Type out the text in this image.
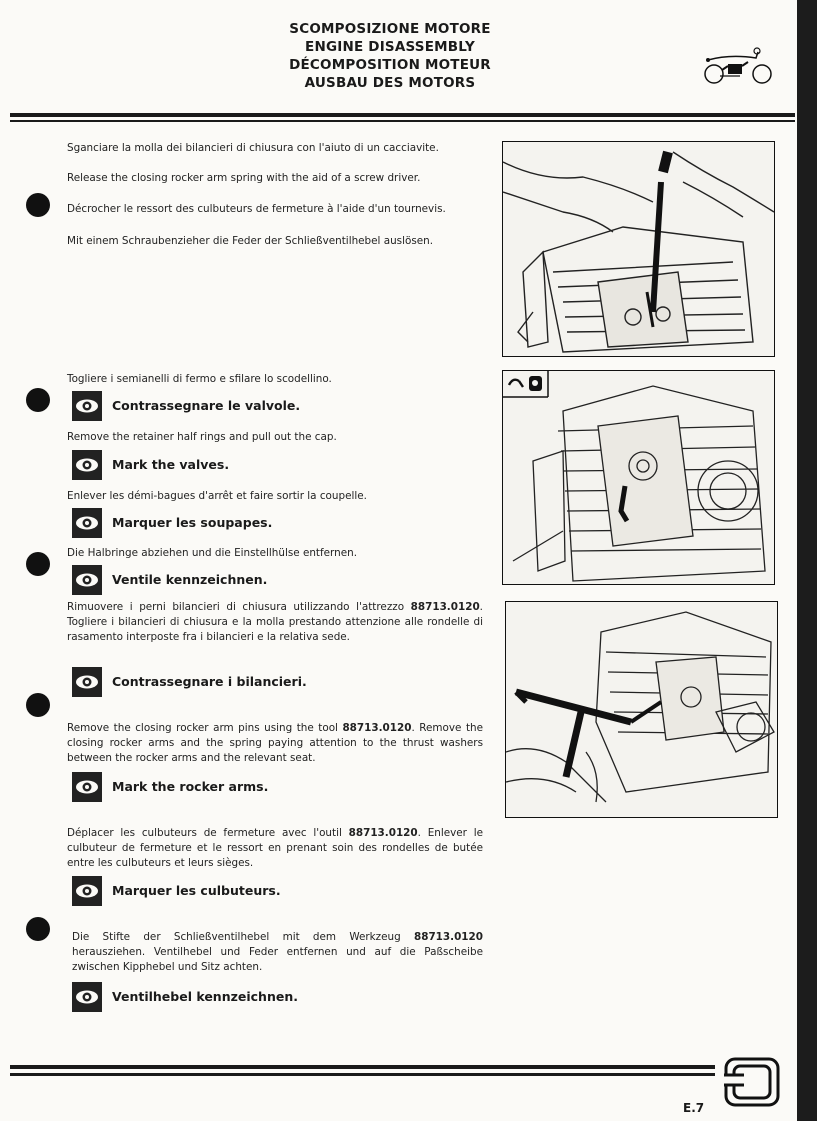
SCOMPOSIZIONE MOTORE
ENGINE DISASSEMBLY
DÉCOMPOSITION MOTEUR
AUSBAU DES MOTORS
Sganciare la molla dei bilancieri di chiusura con l'aiuto di un cacciavite.
Release the closing rocker arm spring with the aid of a screw driver.
Décrocher le ressort des culbuteurs de fermeture à l'aide d'un tournevis.
Mit einem Schraubenzieher die Feder der Schließventilhebel auslösen.
Togliere i semianelli di fermo e sfilare lo scodellino.
Contrassegnare le valvole.
Remove the retainer half rings and pull out the cap.
Mark the valves.
Enlever les démi-bagues d'arrêt et faire sortir la coupelle.
Marquer les soupapes.
Die Halbringe abziehen und die Einstellhülse entfernen.
Ventile kennzeichnen.
Rimuovere i perni bilancieri di chiusura utilizzando l'attrezzo 88713.0120. Togliere i bilancieri di chiusura e la molla prestando attenzione alle rondelle di rasamento interposte fra i bilancieri e la relativa sede.
Contrassegnare i bilancieri.
Remove the closing rocker arm pins using the tool 88713.0120. Remove the closing rocker arms and the spring paying attention to the thrust washers between the rocker arms and the relevant seat.
Mark the rocker arms.
Déplacer les culbuteurs de fermeture avec l'outil 88713.0120. Enlever le culbuteur de fermeture et le ressort en prenant soin des rondelles de butée entre les culbuteurs et leurs sièges.
Marquer les culbuteurs.
Die Stifte der Schließventilhebel mit dem Werkzeug 88713.0120 herausziehen. Ventilhebel und Feder entfernen und auf die Paßscheibe zwischen Kipphebel und Sitz achten.
Ventilhebel kennzeichnen.
E.7
